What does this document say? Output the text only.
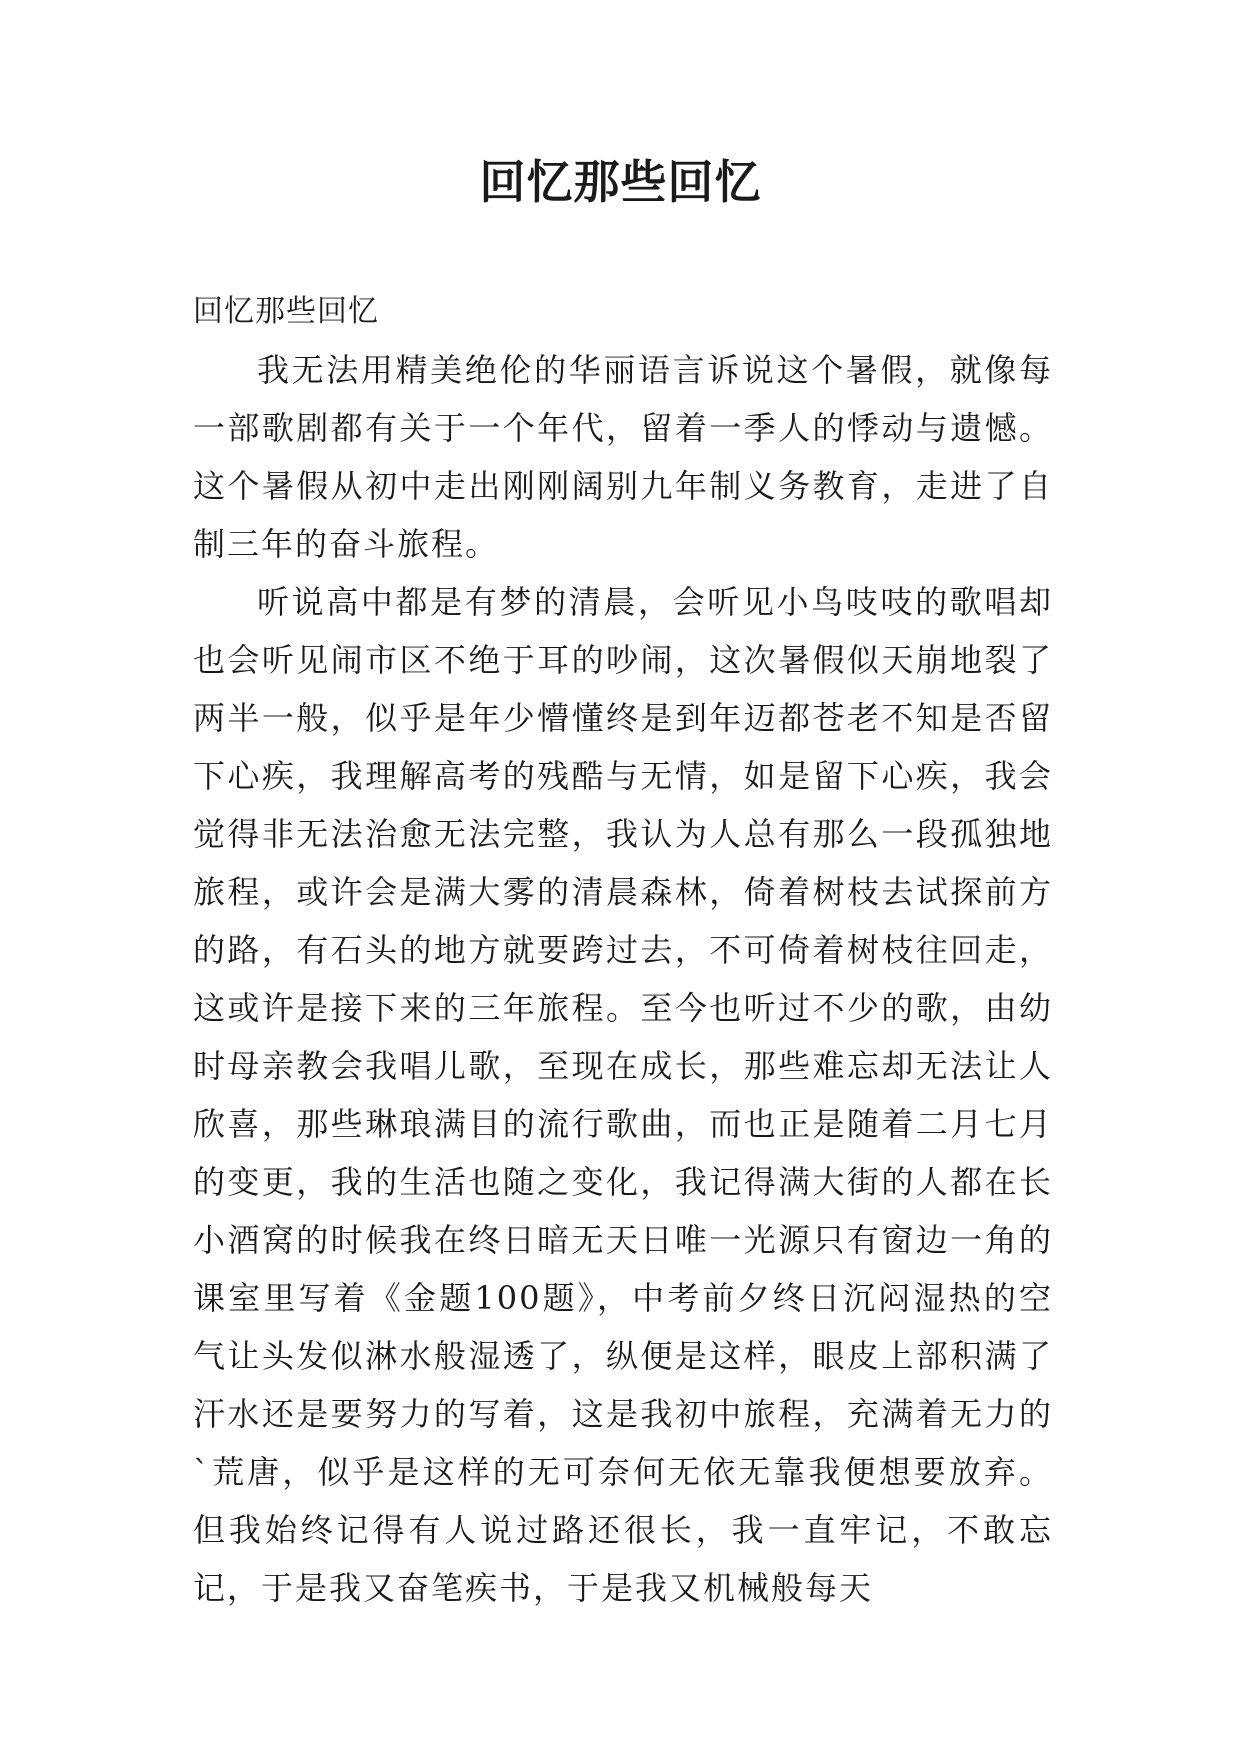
回忆那些回忆

回忆那些回忆

我无法用精美绝伦的华丽语言诉说这个暑假，就像每一部歌剧都有关于一个年代，留着一季人的悸动与遗憾。这个暑假从初中走出刚刚阔别九年制义务教育，走进了自制三年的奋斗旅程。

听说高中都是有梦的清晨，会听见小鸟吱吱的歌唱却也会听见闹市区不绝于耳的吵闹，这次暑假似天崩地裂了两半一般，似乎是年少懵懂终是到年迈都苍老不知是否留下心疾，我理解高考的残酷与无情，如是留下心疾，我会觉得非无法治愈无法完整，我认为人总有那么一段孤独地旅程，或许会是满大雾的清晨森林，倚着树枝去试探前方的路，有石头的地方就要跨过去，不可倚着树枝往回走，这或许是接下来的三年旅程。至今也听过不少的歌，由幼时母亲教会我唱儿歌，至现在成长，那些难忘却无法让人欣喜，那些琳琅满目的流行歌曲，而也正是随着二月七月的变更，我的生活也随之变化，我记得满大街的人都在长小酒窝的时候我在终日暗无天日唯一光源只有窗边一角的课室里写着《金题100题》，中考前夕终日沉闷湿热的空气让头发似淋水般湿透了，纵便是这样，眼皮上部积满了汗水还是要努力的写着，这是我初中旅程，充满着无力的`荒唐，似乎是这样的无可奈何无依无靠我便想要放弃。但我始终记得有人说过路还很长，我一直牢记，不敢忘记，于是我又奋笔疾书，于是我又机械般每天
